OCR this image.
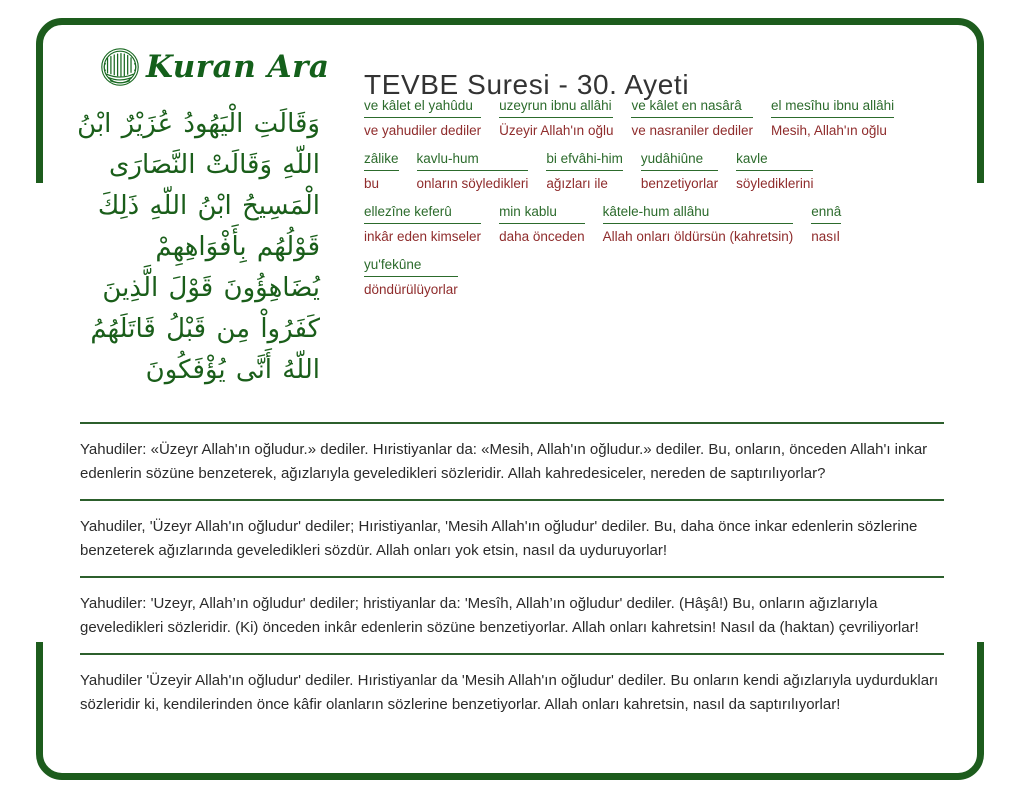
Kuran Ara TEVBE Suresi - 30. Ayeti
وَقَالَتِ الْيَهُودُ عُزَيْرٌ ابْنُ اللّهِ وَقَالَتْ النَّصَارَى الْمَسِيحُ ابْنُ اللّهِ ذَلِكَ قَوْلُهُم بِأَفْوَاهِهِمْ يُضَاهِؤُونَ قَوْلَ الَّذِينَ كَفَرُواْ مِن قَبْلُ قَاتَلَهُمُ اللّهُ أَنَّى يُؤْفَكُونَ
ve kâlet el yahûdu
ve yahudiler dediler
uzeyrun ibnu allâhi
Üzeyir Allah'ın oğlu
ve kâlet en nasârâ
ve nasraniler dediler
el mesîhu ibnu allâhi
Mesih, Allah'ın oğlu
zâlike
bu
kavlu-hum
onların söyledikleri
bi efvâhi-him
ağızları ile
yudâhiûne
benzetiyorlar
kavle
söylediklerini
ellezîne keferû
inkâr eden kimseler
min kablu
daha önceden
kâtele-hum allâhu
Allah onları öldürsün (kahretsin)
ennâ
nasıl
yu'fekûne
döndürülüyorlar

Yahudiler: «Üzeyr Allah'ın oğludur.» dediler. Hıristiyanlar da: «Mesih, Allah'ın oğludur.» dediler. Bu, onların, önceden Allah'ı inkar edenlerin sözüne benzeterek, ağızlarıyla geveledikleri sözleridir. Allah kahredesiceler, nereden de saptırılıyorlar?

Yahudiler, 'Üzeyr Allah'ın oğludur' dediler; Hıristiyanlar, 'Mesih Allah'ın oğludur' dediler. Bu, daha önce inkar edenlerin sözlerine benzeterek ağızlarında geveledikleri sözdür. Allah onları yok etsin, nasıl da uyduruyorlar!

Yahudiler: 'Uzeyr, Allah’ın oğludur' dediler; hristiyanlar da: 'Mesîh, Allah’ın oğludur' dediler. (Hâşâ!) Bu, onların ağızlarıyla geveledikleri sözleridir. (Ki) önceden inkâr edenlerin sözüne benzetiyorlar. Allah onları kahretsin! Nasıl da (haktan) çevriliyorlar!

Yahudiler 'Üzeyir Allah'ın oğludur' dediler. Hıristiyanlar da 'Mesih Allah'ın oğludur' dediler. Bu onların kendi ağızlarıyla uydurdukları sözleridir ki, kendilerinden önce kâfir olanların sözlerine benzetiyorlar. Allah onları kahretsin, nasıl da saptırılıyorlar!
